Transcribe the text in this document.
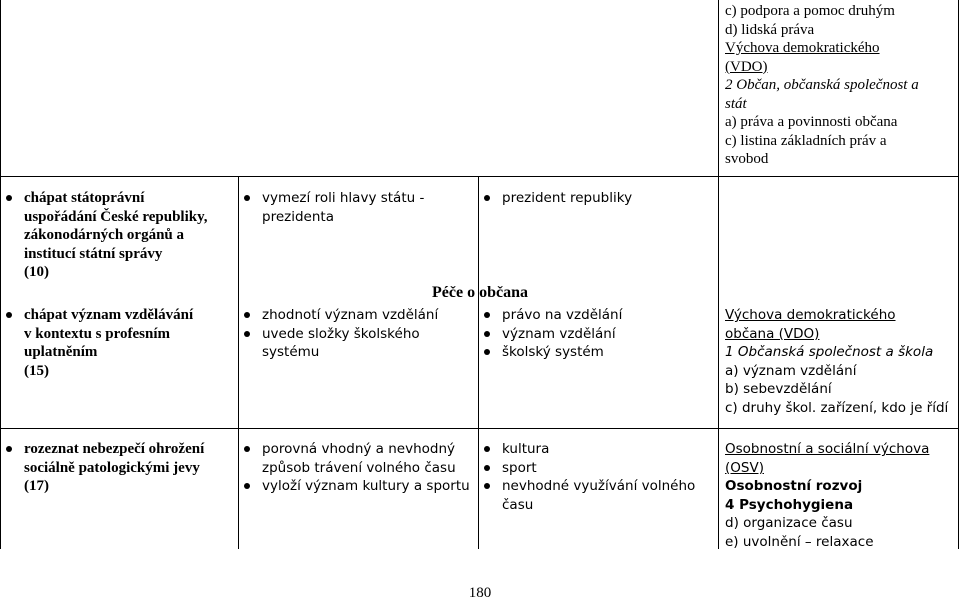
c) podpora a pomoc druhým
d) lidská práva
Výchova demokratického
(VDO)
2 Občan, občanská společnost a
stát
a) práva a povinnosti občana
c) listina základních práv a
svobod
chápat státoprávní
uspořádání České republiky,
zákonodárných orgánů a
institucí státní správy
(10)
chápat význam vzdělávání
v kontextu s profesním
uplatněním
(15)
vymezí roli hlavy státu -
prezidenta
zhodnotí význam vzdělání
uvede složky školského
systému
prezident republiky
Péče o občana
právo na vzdělání
význam vzdělání
školský systém
Výchova demokratického
občana (VDO)
1 Občanská společnost a škola
a) význam vzdělání
b) sebevzdělání
c) druhy škol. zařízení, kdo je řídí
rozeznat nebezpečí ohrožení
sociálně patologickými jevy
(17)
porovná vhodný a nevhodný
způsob trávení volného času
vyloží význam kultury a sportu
kultura
sport
nevhodné využívání volného
času
Osobnostní a sociální výchova
(OSV)
Osobnostní rozvoj
4 Psychohygiena
d) organizace času
e) uvolnění – relaxace
180
